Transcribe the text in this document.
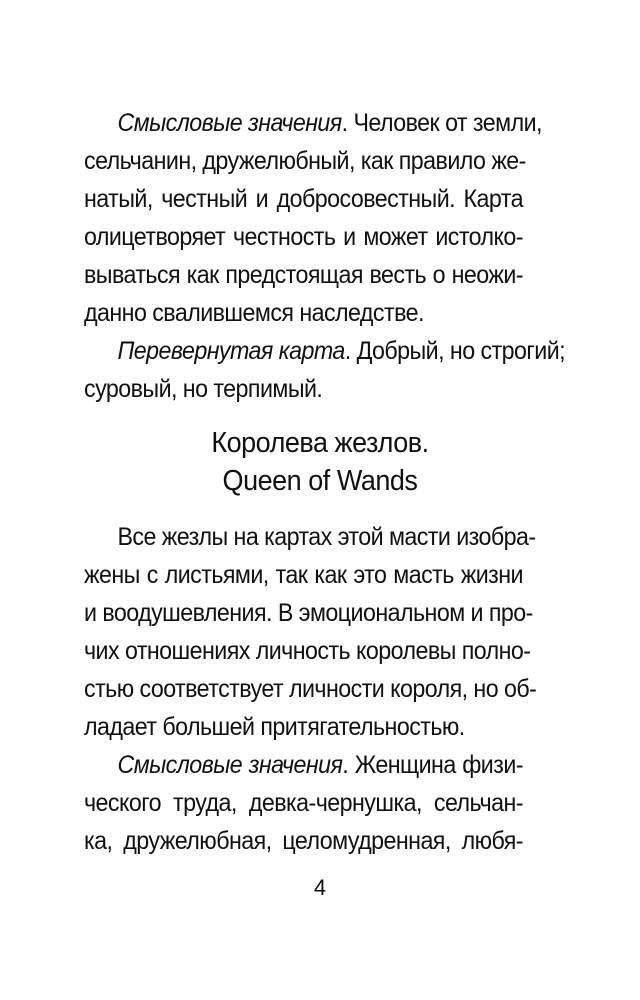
Смысловые значения. Человек от земли,
сельчанин, дружелюбный, как правило же-
натый, честный и добросовестный. Карта
олицетворяет честность и может истолко-
вываться как предстоящая весть о неожи-
данно свалившемся наследстве.
Перевернутая карта. Добрый, но строгий;
суровый, но терпимый.
Королева жезлов.
Queen of Wands
Все жезлы на картах этой масти изобра-
жены с листьями, так как это масть жизни
и воодушевления. В эмоциональном и про-
чих отношениях личность королевы полно-
стью соответствует личности короля, но об-
ладает большей притягательностью.
Смысловые значения. Женщина физи-
ческого труда, девка-чернушка, сельчан-
ка, дружелюбная, целомудренная, любя-
4
